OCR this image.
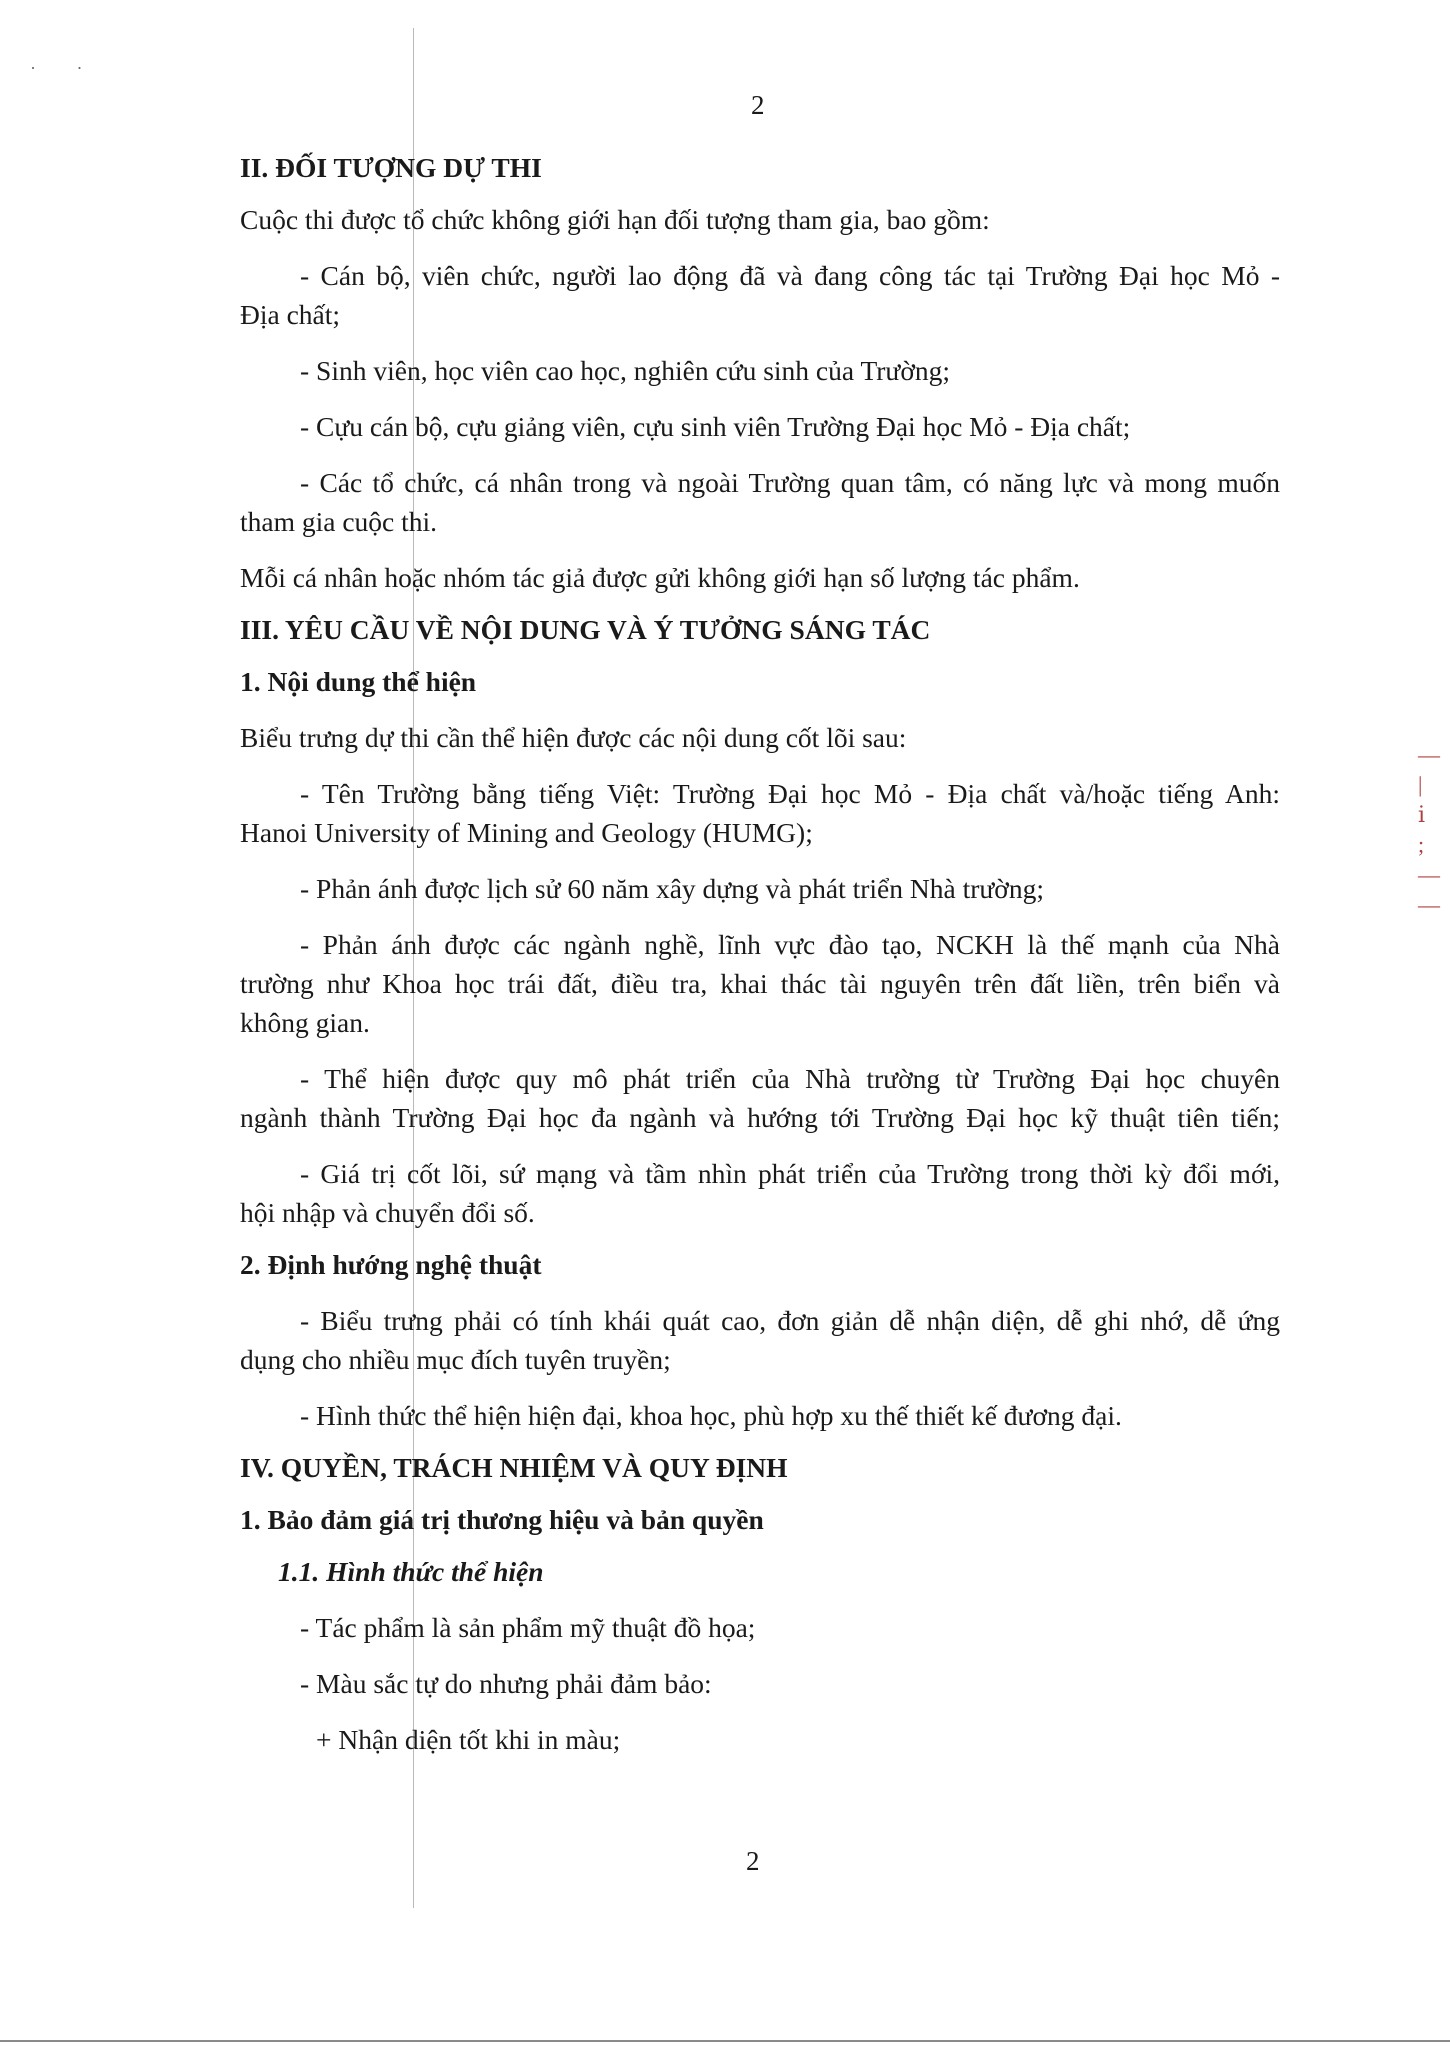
· ·
—
|
ⅰ
;
—
—
2

II. ĐỐI TƯỢNG DỰ THI

Cuộc thi được tổ chức không giới hạn đối tượng tham gia, bao gồm:

- Cán bộ, viên chức, người lao động đã và đang công tác tại Trường Đại học Mỏ -

Địa chất;

- Sinh viên, học viên cao học, nghiên cứu sinh của Trường;

- Cựu cán bộ, cựu giảng viên, cựu sinh viên Trường Đại học Mỏ - Địa chất;

- Các tổ chức, cá nhân trong và ngoài Trường quan tâm, có năng lực và mong muốn

tham gia cuộc thi.

Mỗi cá nhân hoặc nhóm tác giả được gửi không giới hạn số lượng tác phẩm.

III. YÊU CẦU VỀ NỘI DUNG VÀ Ý TƯỞNG SÁNG TÁC

1. Nội dung thể hiện

Biểu trưng dự thi cần thể hiện được các nội dung cốt lõi sau:

- Tên Trường bằng tiếng Việt: Trường Đại học Mỏ - Địa chất và/hoặc tiếng Anh:

Hanoi University of Mining and Geology (HUMG);

- Phản ánh được lịch sử 60 năm xây dựng và phát triển Nhà trường;

- Phản ánh được các ngành nghề, lĩnh vực đào tạo, NCKH là thế mạnh của Nhà

trường như Khoa học trái đất, điều tra, khai thác tài nguyên trên đất liền, trên biển và

không gian.

- Thể hiện được quy mô phát triển của Nhà trường từ Trường Đại học chuyên

ngành thành Trường Đại học đa ngành và hướng tới Trường Đại học kỹ thuật tiên tiến;

- Giá trị cốt lõi, sứ mạng và tầm nhìn phát triển của Trường trong thời kỳ đổi mới,

hội nhập và chuyển đổi số.

2. Định hướng nghệ thuật

- Biểu trưng phải có tính khái quát cao, đơn giản dễ nhận diện, dễ ghi nhớ, dễ ứng

dụng cho nhiều mục đích tuyên truyền;

- Hình thức thể hiện hiện đại, khoa học, phù hợp xu thế thiết kế đương đại.

IV. QUYỀN, TRÁCH NHIỆM VÀ QUY ĐỊNH

1. Bảo đảm giá trị thương hiệu và bản quyền

1.1. Hình thức thể hiện

- Tác phẩm là sản phẩm mỹ thuật đồ họa;

- Màu sắc tự do nhưng phải đảm bảo:

+ Nhận diện tốt khi in màu;

2
